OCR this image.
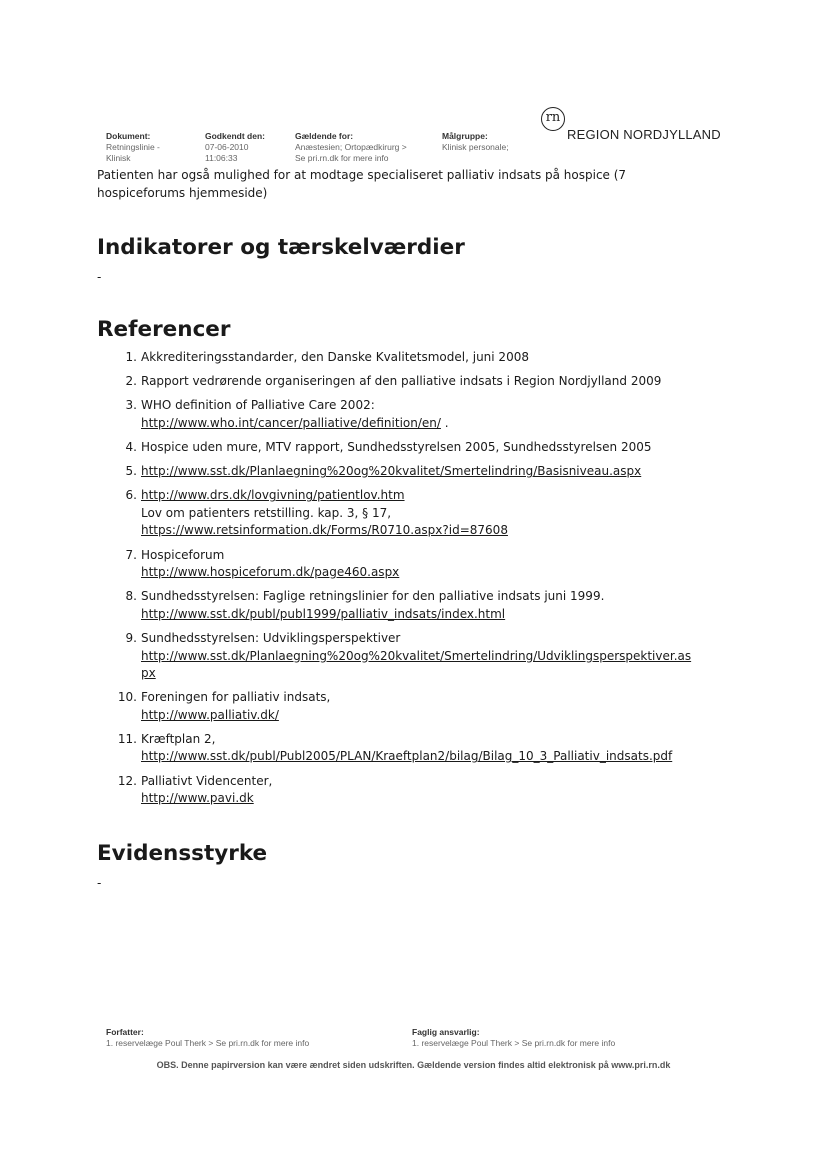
Dokument:
Retningslinie -
Klinisk
Godkendt den:
07-06-2010
11:06:33
Gældende for:
Anæstesien; Ortopædkirurg >
Se pri.rn.dk for mere info
Målgruppe:
Klinisk personale;
rn
REGION NORDJYLLAND
Patienten har også mulighed for at modtage specialiseret palliativ indsats på hospice (7 hospiceforums hjemmeside)
Indikatorer og tærskelværdier
-
Referencer
1. Akkrediteringsstandarder, den Danske Kvalitetsmodel, juni 2008
2. Rapport vedrørende organiseringen af den palliative indsats i Region Nordjylland 2009
3. WHO definition of Palliative Care 2002:
http://www.who.int/cancer/palliative/definition/en/ .
4. Hospice uden mure, MTV rapport, Sundhedsstyrelsen 2005, Sundhedsstyrelsen 2005
5. http://www.sst.dk/Planlaegning%20og%20kvalitet/Smertelindring/Basisniveau.aspx
6. http://www.drs.dk/lovgivning/patientlov.htm
Lov om patienters retstilling. kap. 3, § 17,
https://www.retsinformation.dk/Forms/R0710.aspx?id=87608
7. Hospiceforum
http://www.hospiceforum.dk/page460.aspx
8. Sundhedsstyrelsen: Faglige retningslinier for den palliative indsats juni 1999.
http://www.sst.dk/publ/publ1999/palliativ_indsats/index.html
9. Sundhedsstyrelsen: Udviklingsperspektiver
http://www.sst.dk/Planlaegning%20og%20kvalitet/Smertelindring/Udviklingsperspektiver.as
px
10. Foreningen for palliativ indsats,
http://www.palliativ.dk/
11. Kræftplan 2,
http://www.sst.dk/publ/Publ2005/PLAN/Kraeftplan2/bilag/Bilag_10_3_Palliativ_indsats.pdf
12. Palliativt Videncenter,
http://www.pavi.dk
Evidensstyrke
-
Forfatter:
1. reservelæge Poul Therk > Se pri.rn.dk for mere info
Faglig ansvarlig:
1. reservelæge Poul Therk > Se pri.rn.dk for mere info
OBS. Denne papirversion kan være ændret siden udskriften. Gældende version findes altid elektronisk på www.pri.rn.dk
